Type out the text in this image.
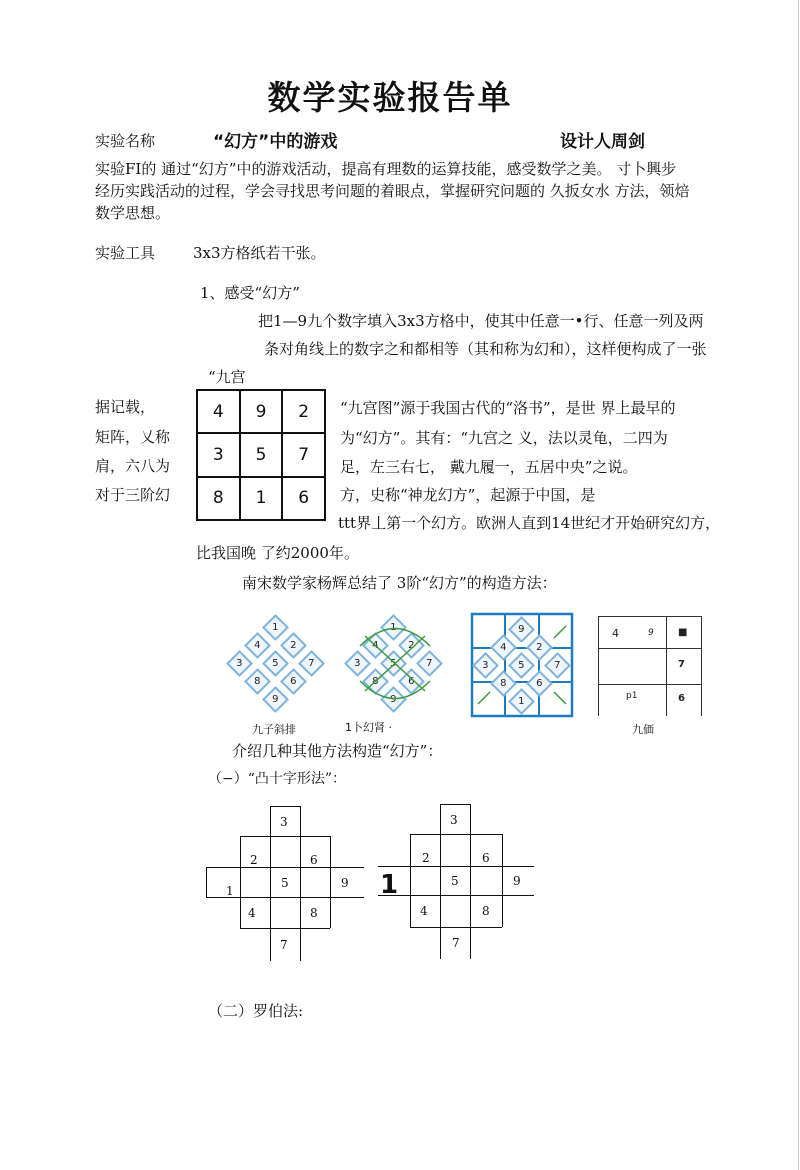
数学实验报告单
实验名称	“幻方”中的游戏	设计人周剑
实验FI的 通过“幻方”中的游戏活动，提高有理数的运算技能，感受数学之美。 寸卜興步
经历实践活动的过程，学会寻找思考问题的着眼点，掌握研究问题的 久扳女水 方法，领焙
数学思想。
实验工具	3x3方格纸若干张。
1、感受“幻方”
把1—9九个数字填入3x3方格中，使其中任意一•行、任意一列及两
条对角线上的数字之和都相等（其和称为幻和），这样便构成了一张
“九宫
据记载，
矩阵，乂称
肩，六八为
对于三阶幻
4	9	2
3	5	7
8	1	6
“九宫图”源于我国古代的“洛书”，是世 界上最早的
为“幻方”。其有：“九宫之 义，法以灵龟，二四为
足，左三右七， 戴九履一，五居中央”之说。
方，史称“神龙幻方”，起源于中国，是
ttt界丄第一个幻方。欧洲人直到14世纪才开始研究幻方，
比我国晚 了约2000年。
南宋数学家杨辉总结了 3阶“幻方”的构造方法：
1
4	2
3	5	7
8	6
9
1
4	2
3	5	7
8	6
9
9
4	2
3	5	7
8	6
1
4	9 ■
7
p1	6
九子斜排	1卜幻肾 ·	九価
介绍几种其他方法构造“幻方”：
（−）“凸十字形法”：
3
2	6
1
5	9
4	8
7
3
2	6
1	5	9
4	8
7
（二）罗伯法:
